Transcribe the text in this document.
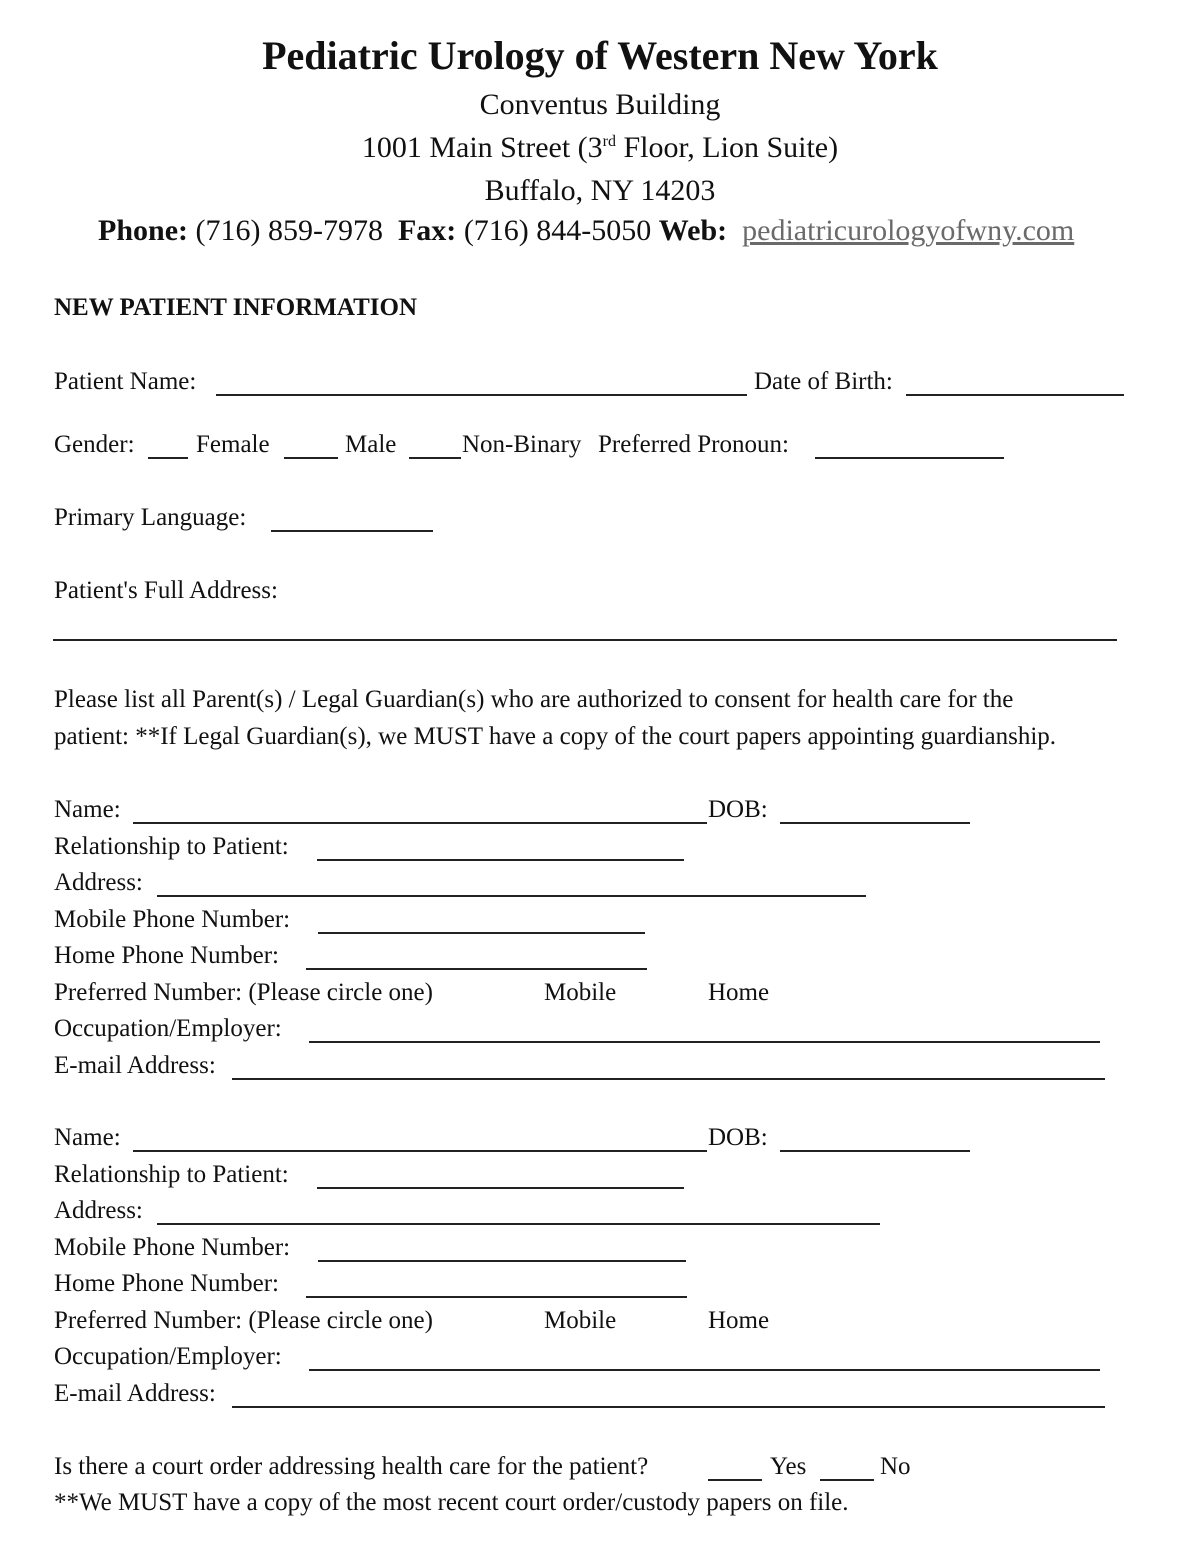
Pediatric Urology of Western New York
Conventus Building
1001 Main Street (3rd Floor, Lion Suite)
Buffalo, NY 14203
Phone: (716) 859-7978 Fax: (716) 844-5050 Web: pediatricurologyofwny.com
NEW PATIENT INFORMATION
Patient Name:	Date of Birth:
Gender: Female	Male	Non-Binary Preferred Pronoun:
Primary Language:
Patient's Full Address:
Please list all Parent(s) / Legal Guardian(s) who are authorized to consent for health care for the
patient: **If Legal Guardian(s), we MUST have a copy of the court papers appointing guardianship.
Name:	DOB:
Relationship to Patient:
Address:
Mobile Phone Number:
Home Phone Number:
Preferred Number: (Please circle one)	Mobile	Home
Occupation/Employer:
E-mail Address:
Name:	DOB:
Relationship to Patient:
Address:
Mobile Phone Number:
Home Phone Number:
Preferred Number: (Please circle one)	Mobile	Home
Occupation/Employer:
E-mail Address:
Is there a court order addressing health care for the patient?	Yes	No
**We MUST have a copy of the most recent court order/custody papers on file.
